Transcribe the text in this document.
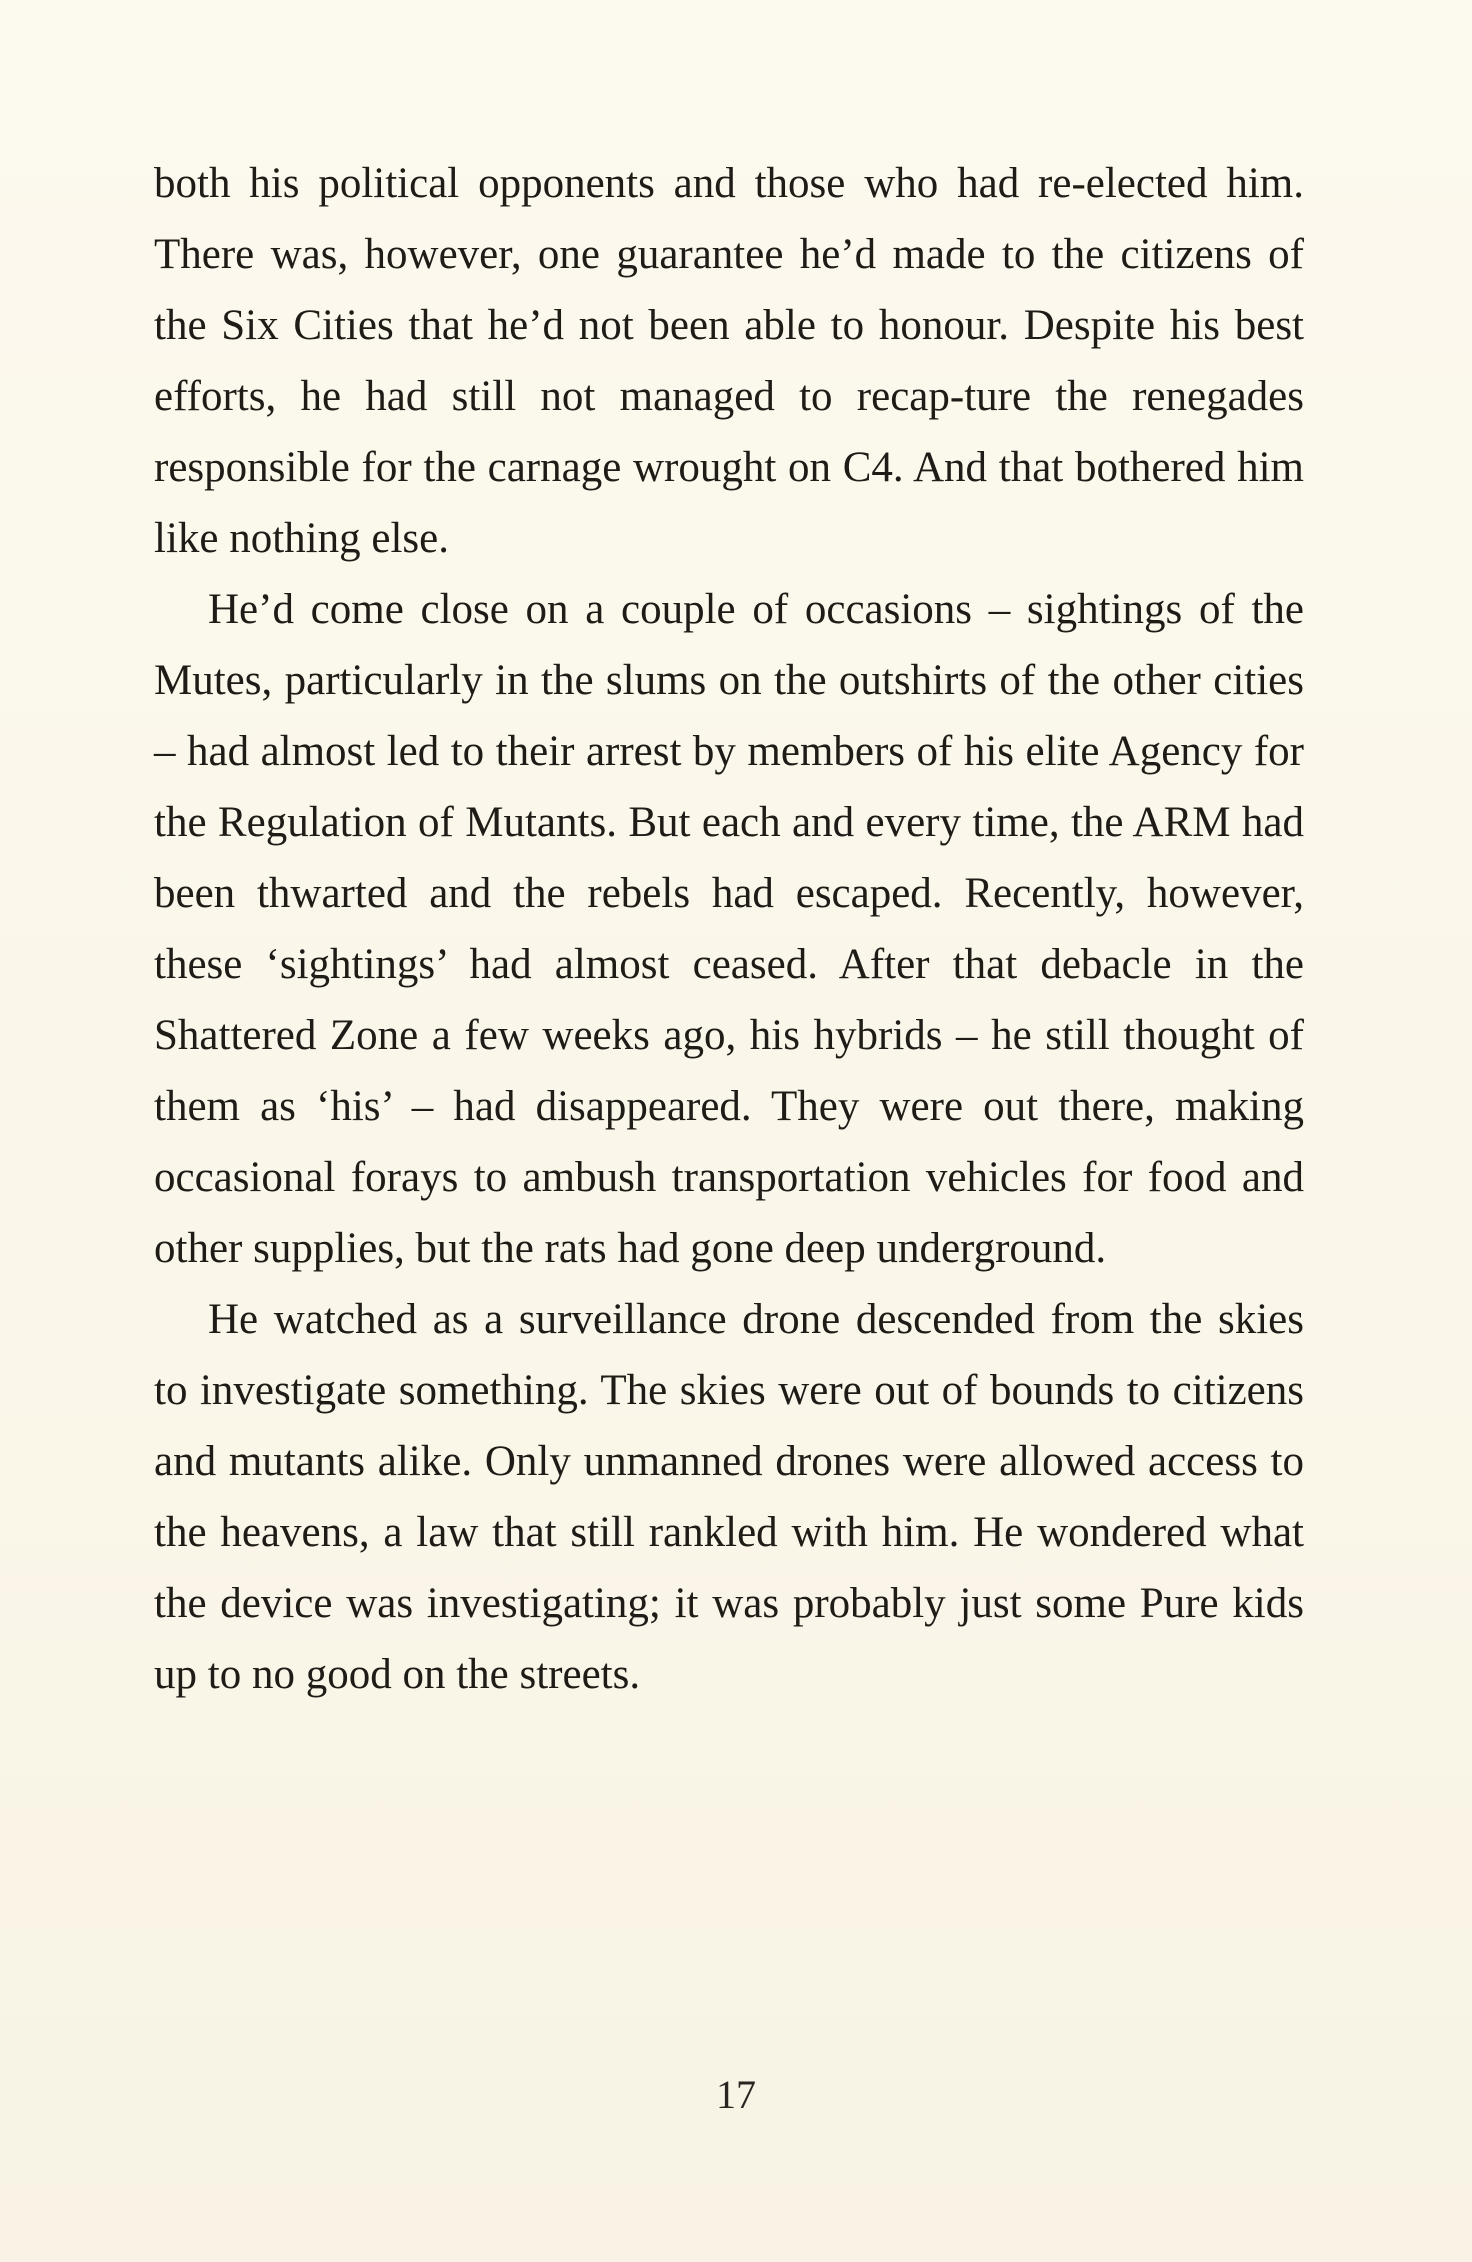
both his political opponents and those who had re-elected him. There was, however, one guarantee he’d made to the citizens of the Six Cities that he’d not been able to honour. Despite his best efforts, he had still not managed to recap-ture the renegades responsible for the carnage wrought on C4. And that bothered him like nothing else.

He’d come close on a couple of occasions – sightings of the Mutes, particularly in the slums on the outshirts of the other cities – had almost led to their arrest by members of his elite Agency for the Regulation of Mutants. But each and every time, the ARM had been thwarted and the rebels had escaped. Recently, however, these ‘sightings’ had almost ceased. After that debacle in the Shattered Zone a few weeks ago, his hybrids – he still thought of them as ‘his’ – had disappeared. They were out there, making occasional forays to ambush transportation vehicles for food and other supplies, but the rats had gone deep underground.

He watched as a surveillance drone descended from the skies to investigate something. The skies were out of bounds to citizens and mutants alike. Only unmanned drones were allowed access to the heavens, a law that still rankled with him. He wondered what the device was investigating; it was probably just some Pure kids up to no good on the streets.

17
